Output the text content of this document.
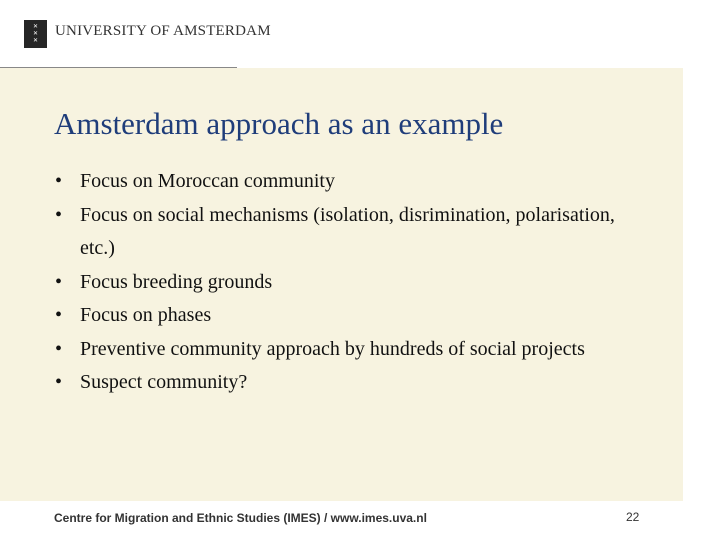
✕
✕
✕
UNIVERSITY OF AMSTERDAM
Amsterdam approach as an example
• Focus on Moroccan community
• Focus on social mechanisms (isolation, disrimination, polarisation, etc.)
• Focus breeding grounds
• Focus on phases
• Preventive community approach by hundreds of social projects
• Suspect community?
Centre for Migration and Ethnic Studies (IMES) / www.imes.uva.nl	22
